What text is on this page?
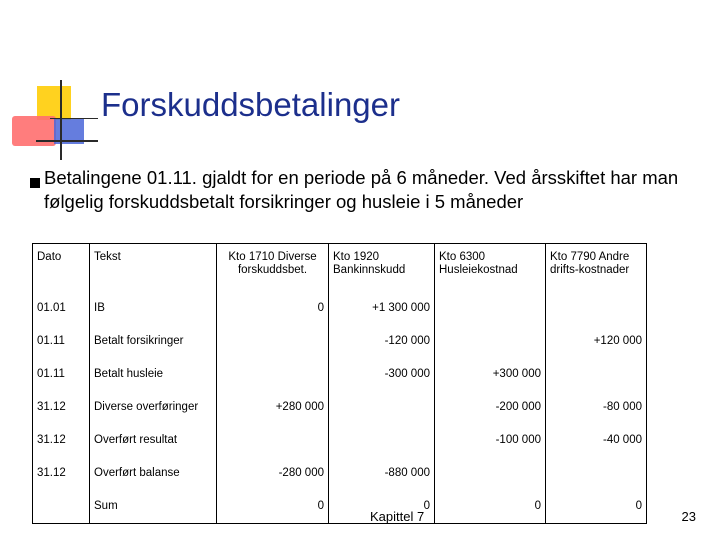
Forskuddsbetalinger

Betalingene 01.11. gjaldt for en periode på 6 måneder. Ved årsskiftet har man følgelig forskuddsbetalt forsikringer og husleie i 5 måneder

Dato	Tekst	Kto 1710 Diverse forskuddsbet.	Kto 1920 Bankinnskudd	Kto 6300 Husleiekostnad	Kto 7790 Andre drifts-kostnader
01.01	IB	0	+1 300 000		
01.11	Betalt forsikringer		-120 000		+120 000
01.11	Betalt husleie		-300 000	+300 000	
31.12	Diverse overføringer	+280 000		-200 000	-80 000
31.12	Overført resultat			-100 000	-40 000
31.12	Overført balanse	-280 000	-880 000		
	Sum	0	0	0	0
Kapittel 7	23
